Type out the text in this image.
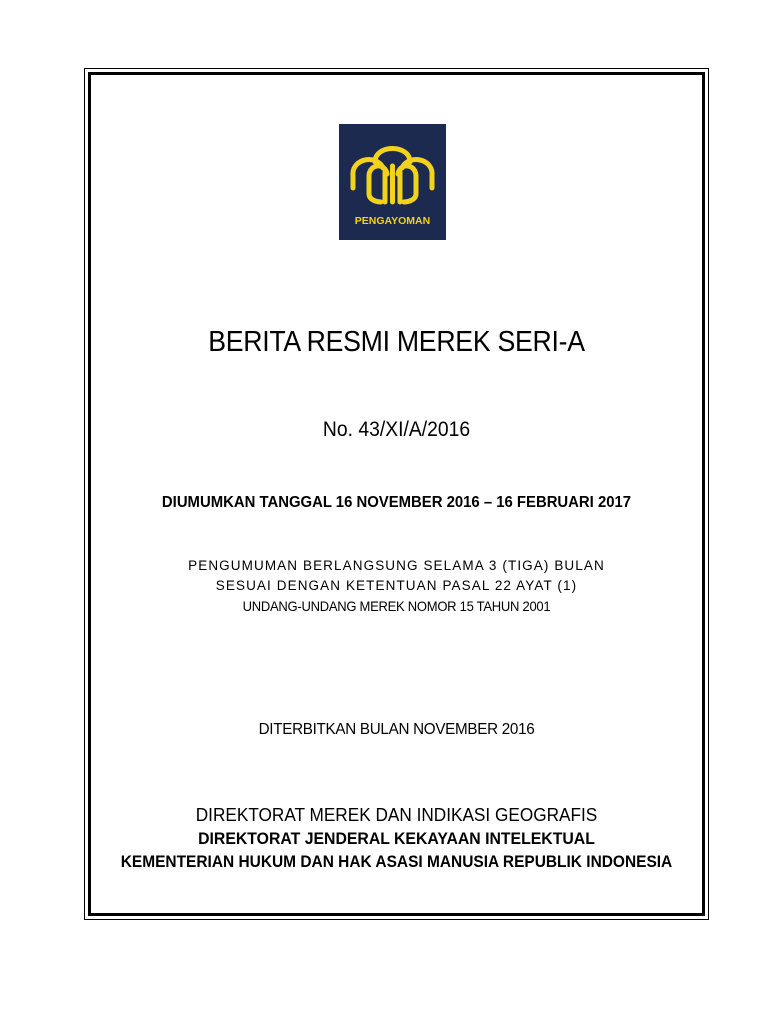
PENGAYOMAN
BERITA RESMI MEREK SERI-A
No. 43/XI/A/2016
DIUMUMKAN TANGGAL 16 NOVEMBER 2016 – 16 FEBRUARI 2017
PENGUMUMAN BERLANGSUNG SELAMA 3 (TIGA) BULAN
SESUAI DENGAN KETENTUAN PASAL 22 AYAT (1)
UNDANG-UNDANG MEREK NOMOR 15 TAHUN 2001
DITERBITKAN BULAN NOVEMBER 2016
DIREKTORAT MEREK DAN INDIKASI GEOGRAFIS
DIREKTORAT JENDERAL KEKAYAAN INTELEKTUAL
KEMENTERIAN HUKUM DAN HAK ASASI MANUSIA REPUBLIK INDONESIA
